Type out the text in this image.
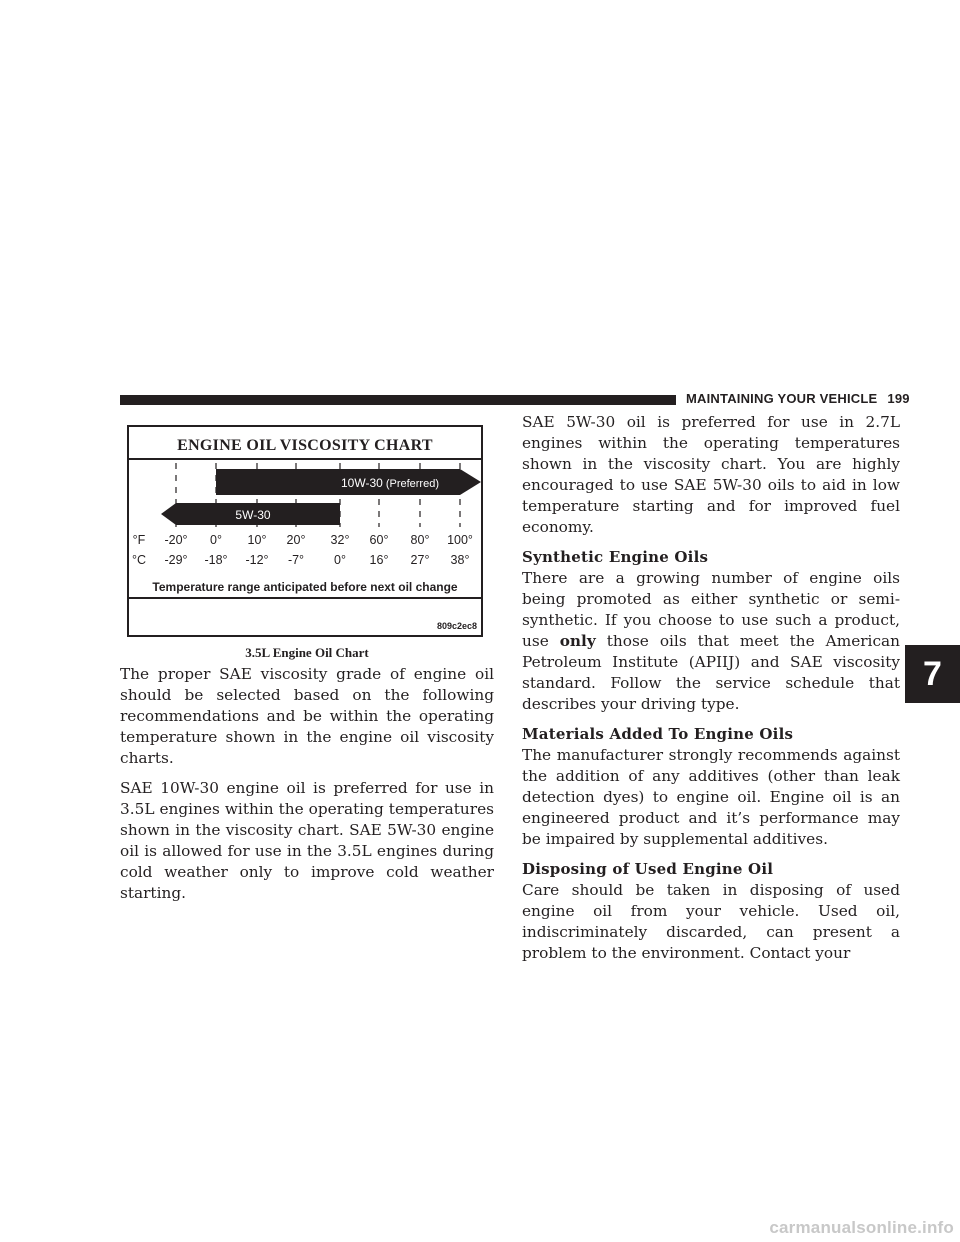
MAINTAINING YOUR VEHICLE 199
ENGINE OIL VISCOSITY CHART
10W-30 (Preferred)
5W-30
°F
°C
-20° 0° 10° 20° 32° 60° 80° 100°
-29° -18° -12° -7° 0° 16° 27° 38°
Temperature range anticipated before next oil change
809c2ec8
3.5L Engine Oil Chart

The proper SAE viscosity grade of engine oil should be selected based on the following recommendations and be within the operating temperature shown in the engine oil viscosity charts.

SAE 10W-30 engine oil is preferred for use in 3.5L engines within the operating temperatures shown in the viscosity chart. SAE 5W-30 engine oil is allowed for use in the 3.5L engines during cold weather only to improve cold weather starting.

SAE 5W-30 oil is preferred for use in 2.7L engines within the operating temperatures shown in the viscosity chart. You are highly encouraged to use SAE 5W-30 oils to aid in low temperature starting and for improved fuel economy.

Synthetic Engine Oils

There are a growing number of engine oils being promoted as either synthetic or semi-synthetic. If you choose to use such a product, use only those oils that meet the American Petroleum Institute (APIIJ) and SAE viscosity standard. Follow the service schedule that describes your driving type.

Materials Added To Engine Oils

The manufacturer strongly recommends against the addition of any additives (other than leak detection dyes) to engine oil. Engine oil is an engineered product and it’s performance may be impaired by supplemental additives.

Disposing of Used Engine Oil

Care should be taken in disposing of used engine oil from your vehicle. Used oil, indiscriminately discarded, can present a problem to the environment. Contact your

7
carmanualsonline.info
